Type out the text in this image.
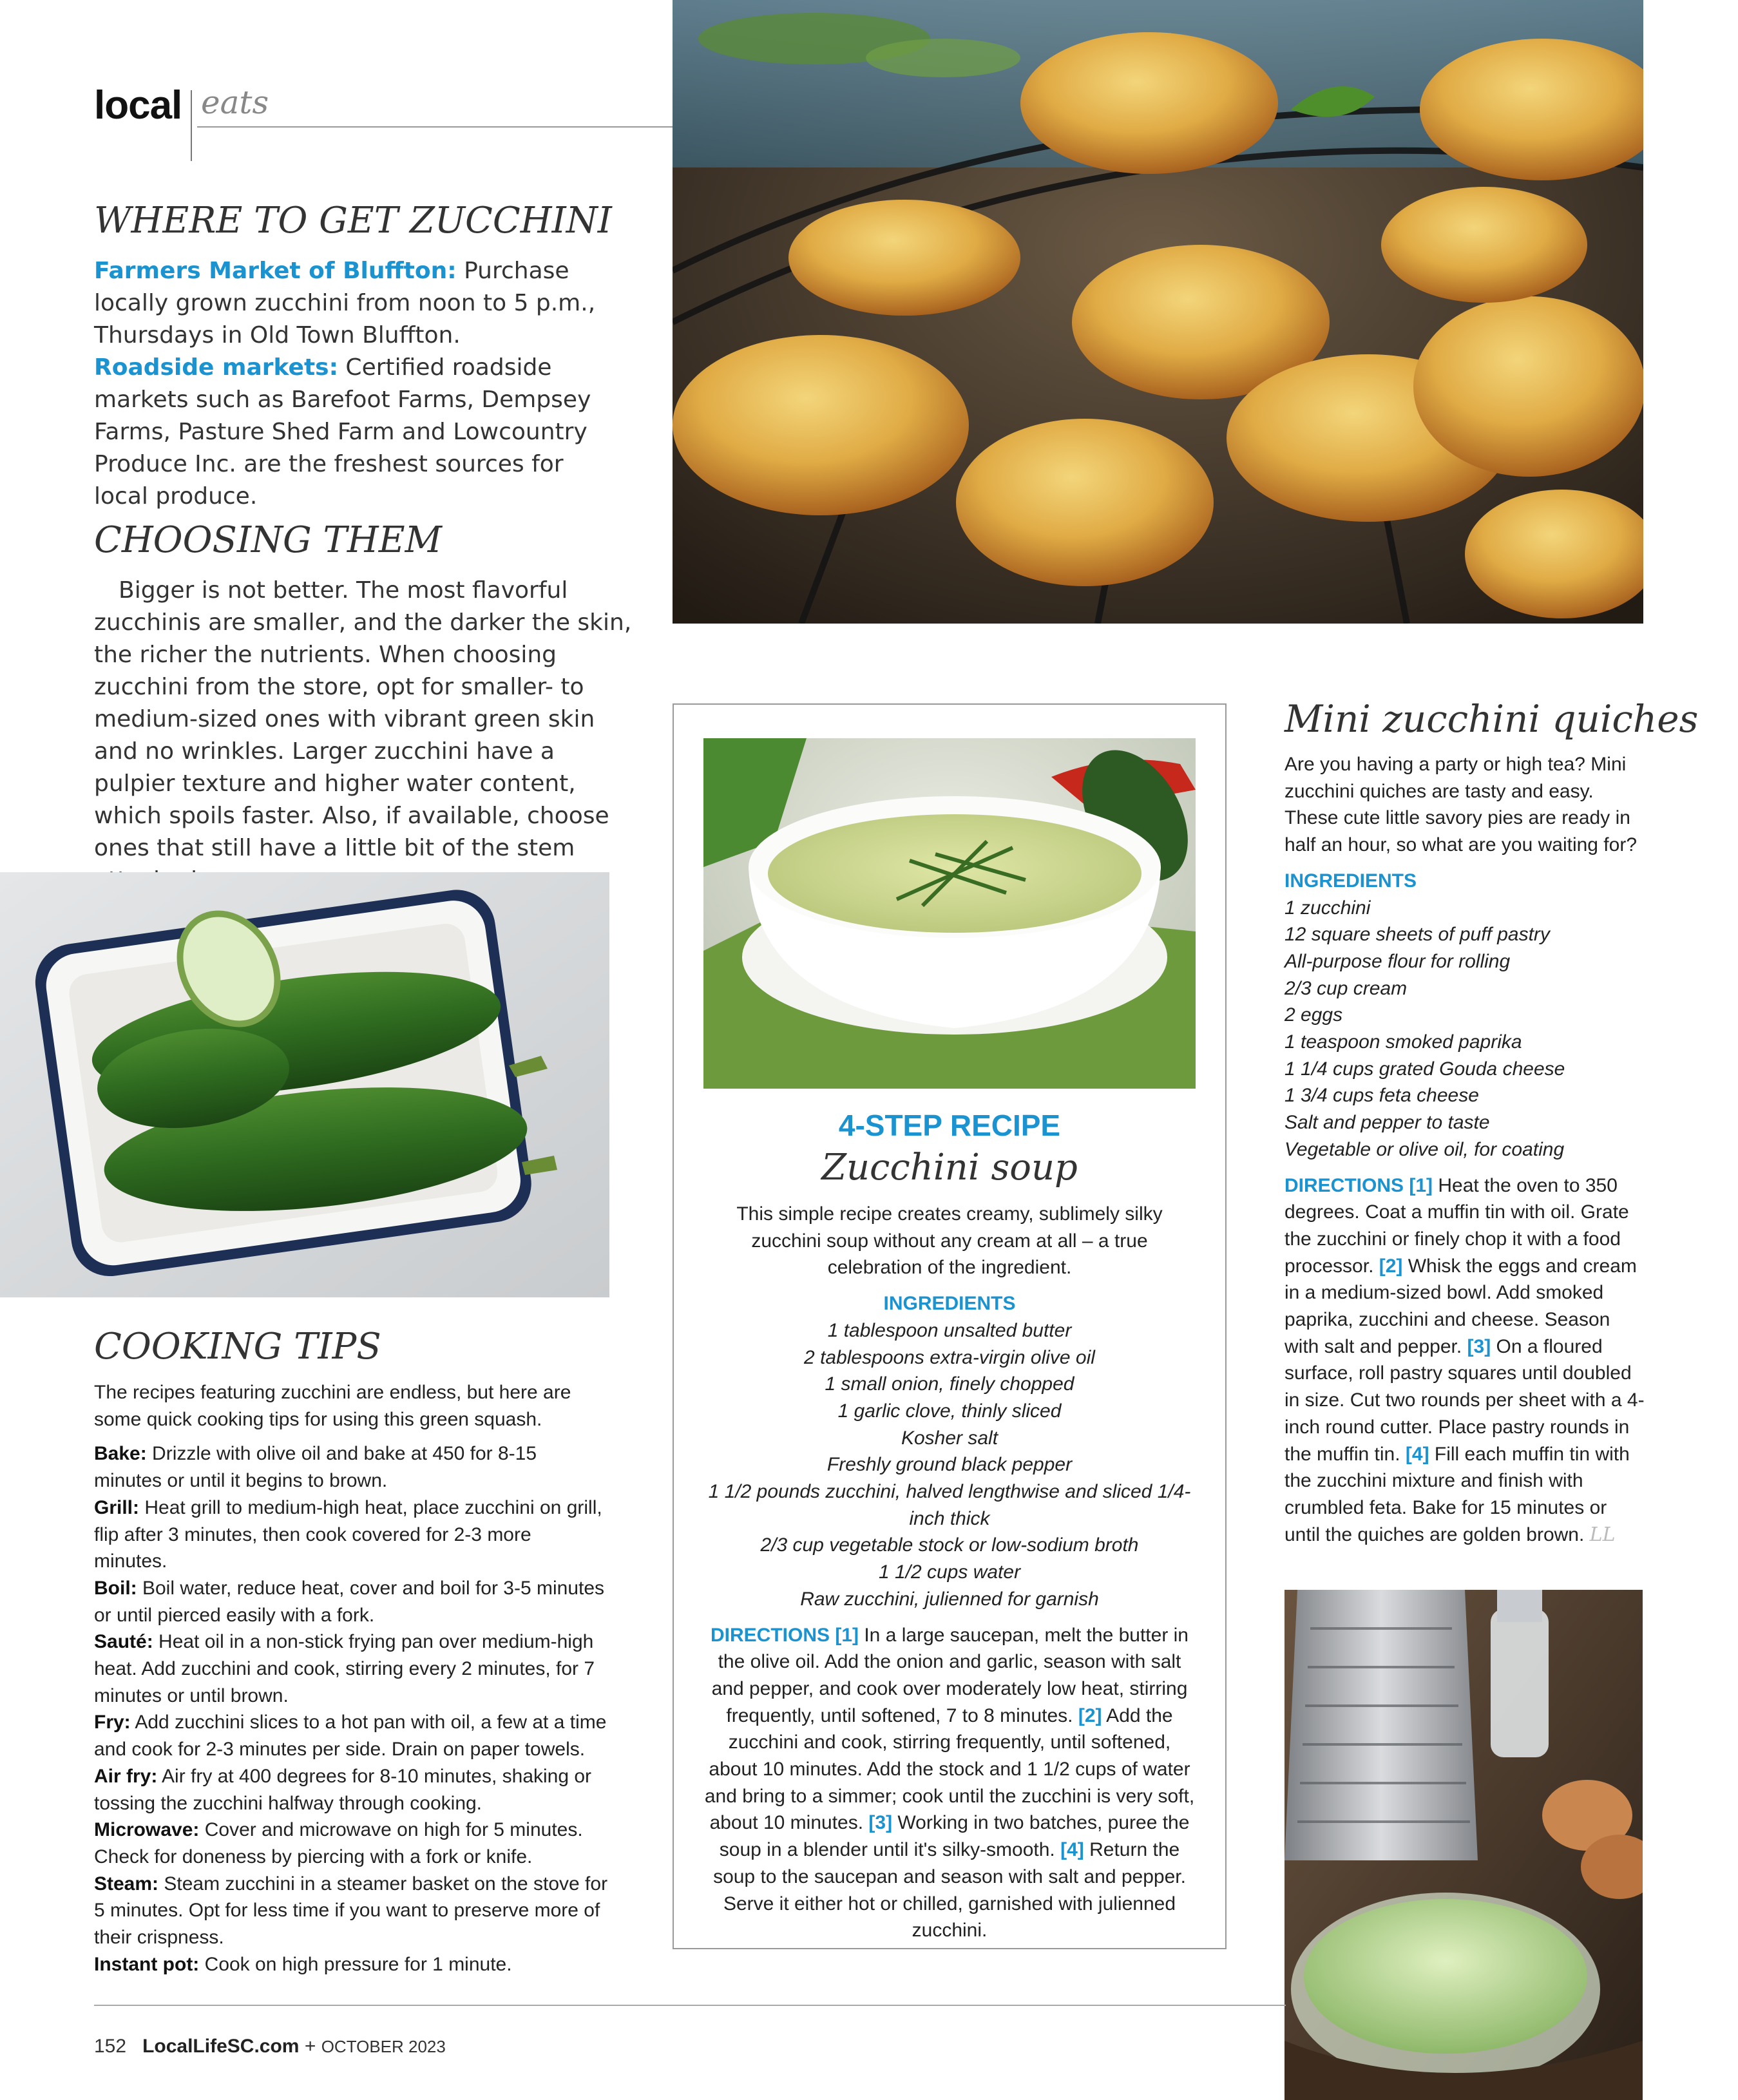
local eats
WHERE TO GET ZUCCHINI

Farmers Market of Bluffton: Purchase locally grown zucchini from noon to 5 p.m., Thursdays in Old Town Bluffton.

Roadside markets: Certified roadside markets such as Barefoot Farms, Dempsey Farms, Pasture Shed Farm and Lowcountry Produce Inc. are the freshest sources for local produce.

CHOOSING THEM
Bigger is not better. The most flavorful zucchinis are smaller, and the darker the skin, the richer the nutrients. When choosing zucchini from the store, opt for smaller- to medium-sized ones with vibrant green skin and no wrinkles. Larger zucchini have a pulpier texture and higher water content, which spoils faster. Also, if available, choose ones that still have a little bit of the stem
COOKING TIPS

The recipes featuring zucchini are endless, but here are some quick cooking tips for using this green squash.

Bake: Drizzle with olive oil and bake at 450 for 8-15 minutes or until it begins to brown.

Grill: Heat grill to medium-high heat, place zucchini on grill, flip after 3 minutes, then cook covered for 2-3 more minutes.

Boil: Boil water, reduce heat, cover and boil for 3-5 minutes or until pierced easily with a fork.

Sauté: Heat oil in a non-stick frying pan over medium-high heat. Add zucchini and cook, stirring every 2 minutes, for 7 minutes or until brown.

Fry: Add zucchini slices to a hot pan with oil, a few at a time and cook for 2-3 minutes per side. Drain on paper towels.

Air fry: Air fry at 400 degrees for 8-10 minutes, shaking or tossing the zucchini halfway through cooking.

Microwave: Cover and microwave on high for 5 minutes. Check for doneness by piercing with a fork or knife.

Steam: Steam zucchini in a steamer basket on the stove for 5 minutes. Opt for less time if you want to preserve more of their crispness.

Instant pot: Cook on high pressure for 1 minute.

4-STEP RECIPE
Zucchini soup

This simple recipe creates creamy, sublimely silky zucchini soup without any cream at all – a true celebration of the ingredient.

INGREDIENTS

1 tablespoon unsalted butter

2 tablespoons extra-virgin olive oil

1 small onion, finely chopped

1 garlic clove, thinly sliced

Kosher salt

Freshly ground black pepper

1 1/2 pounds zucchini, halved lengthwise and sliced 1/4-inch thick

2/3 cup vegetable stock or low-sodium broth

1 1/2 cups water

Raw zucchini, julienned for garnish

DIRECTIONS [1] In a large saucepan, melt the butter in the olive oil. Add the onion and garlic, season with salt and pepper, and cook over moderately low heat, stirring frequently, until softened, 7 to 8 minutes. [2] Add the zucchini and cook, stirring frequently, until softened, about 10 minutes. Add the stock and 1 1/2 cups of water and bring to a simmer; cook until the zucchini is very soft, about 10 minutes. [3] Working in two batches, puree the soup in a blender until it's silky-smooth. [4] Return the soup to the saucepan and season with salt and pepper. Serve it either hot or chilled, garnished with julienned zucchini.

Mini zucchini quiches

Are you having a party or high tea? Mini zucchini quiches are tasty and easy. These cute little savory pies are ready in half an hour, so what are you waiting for?

INGREDIENTS

1 zucchini

12 square sheets of puff pastry

All-purpose flour for rolling

2/3 cup cream

2 eggs

1 teaspoon smoked paprika

1 1/4 cups grated Gouda cheese

1 3/4 cups feta cheese

Salt and pepper to taste

Vegetable or olive oil, for coating

DIRECTIONS [1] Heat the oven to 350 degrees. Coat a muffin tin with oil. Grate the zucchini or finely chop it with a food processor. [2] Whisk the eggs and cream in a medium-sized bowl. Add smoked paprika, zucchini and cheese. Season with salt and pepper. [3] On a floured surface, roll pastry squares until doubled in size. Cut two rounds per sheet with a 4-inch round cutter. Place pastry rounds in the muffin tin. [4] Fill each muffin tin with the zucchini mixture and finish with crumbled feta. Bake for 15 minutes or until the quiches are golden brown. LL

152 LocalLifeSC.com + OCTOBER 2023
